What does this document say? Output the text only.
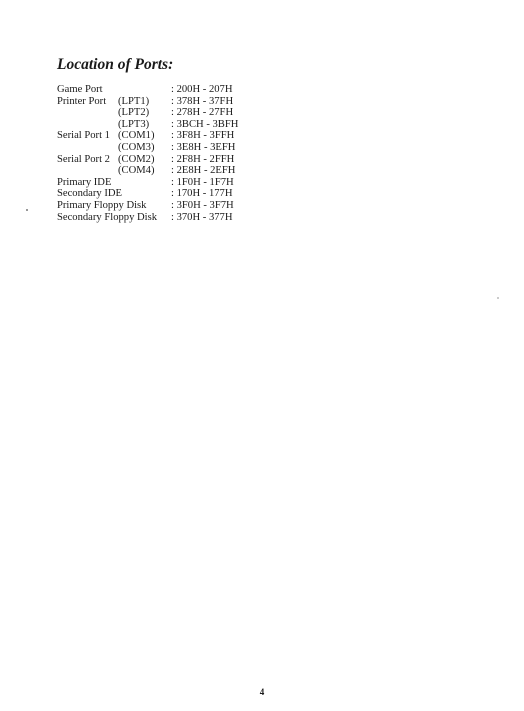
Location of Ports:
Game Port	: 200H - 207H
Printer Port (LPT1) : 378H - 37FH
(LPT2) : 278H - 27FH
(LPT3) : 3BCH - 3BFH
Serial Port 1 (COM1) : 3F8H - 3FFH
(COM3) : 3E8H - 3EFH
Serial Port 2 (COM2) : 2F8H - 2FFH
(COM4) : 2E8H - 2EFH
Primary IDE	: 1F0H - 1F7H
Secondary IDE	: 170H - 177H
Primary Floppy Disk : 3F0H - 3F7H
Secondary Floppy Disk : 370H - 377H
4
